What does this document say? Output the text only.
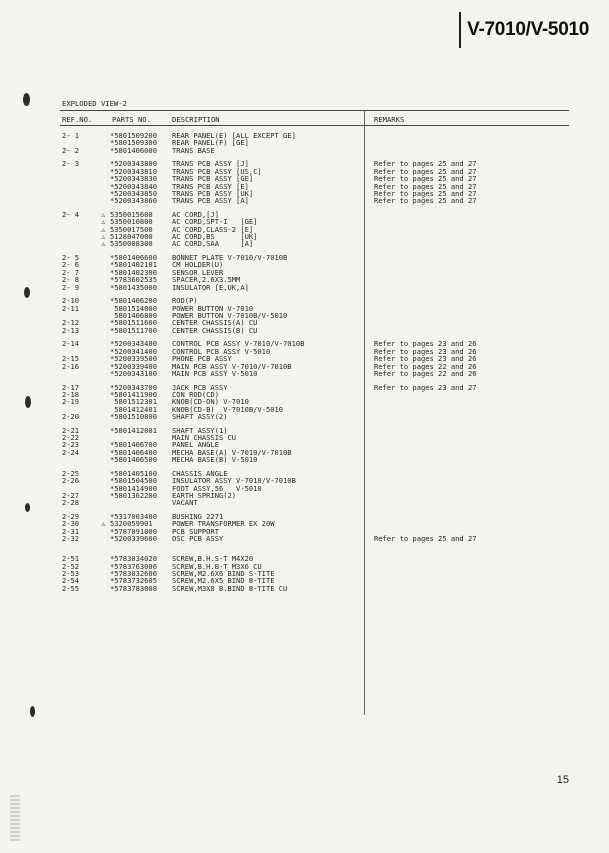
V-7010/V-5010
EXPLODED VIEW-2
REF.NO.	PARTS NO.	DESCRIPTION	REMARKS
2- 1	*5801509200 REAR PANEL(E) [ALL EXCEPT GE]
*5801509300 REAR PANEL(F) [GE]
2- 2	*5801406000 TRANS BASE
2- 3	*5200343800 TRANS PCB ASSY [J]	Refer to pages 25 and 27
*5200343810 TRANS PCB ASSY [US,C]	Refer to pages 25 and 27
*5200343830 TRANS PCB ASSY [GE]	Refer to pages 25 and 27
*5200343840 TRANS PCB ASSY [E]	Refer to pages 25 and 27
*5200343850 TRANS PCB ASSY [UK]	Refer to pages 25 and 27
*5200343860 TRANS PCB ASSY [A]	Refer to pages 25 and 27
2- 4	⚠ 5350015600	AC CORD,[J]
⚠ 5350010800	AC CORD,SPT-I   [GE]
⚠ 5350017500	AC CORD,CLASS-2 [E]
⚠ 5128047000	AC CORD,BS      [UK]
⚠ 5350008300	AC CORD,SAA     [A]
2- 5	*5801406600 BONNET PLATE V-7010/V-7010B
2- 6	*5801402101 CM HOLDER(U)
2- 7	*5801402300 SENSOR LEVER
2- 8	*5783602535 SPACER,2.6X3.5MM
2- 9	*5801435000 INSULATOR [E,UK,A]
2-10	*5801406200 ROD(P)
2-11	5801514000 POWER BUTTON V-7010
5801406800 POWER BUTTON V-7010B/V-5010
2-12	*5801511600 CENTER CHASSIS(A) CU
2-13	*5801511700 CENTER CHASSIS(B) CU
2-14	*5200343400 CONTROL PCB ASSY V-7010/V-7010B	Refer to pages 23 and 26
*5200341400 CONTROL PCB ASSY V-5010	Refer to pages 23 and 26
2-15	*5200339500 PHONE PCB ASSY	Refer to pages 23 and 26
2-16	*5200339400 MAIN PCB ASSY V-7010/V-7010B	Refer to pages 22 and 26
*5200343100 MAIN PCB ASSY V-5010	Refer to pages 22 and 26
2-17	*5200343700 JACK PCB ASSY	Refer to pages 23 and 27
2-18	*5801411900 CON ROD(CD)
2-19	5801512301 KNOB(CD-ON) V-7010
5801412401 KNOB(CD-B)  V-7010B/V-5010
2-20	*5801510800 SHAFT ASSY(2)
2-21	*5801412001 SHAFT ASSY(1)
2-22	MAIN CHASSIS CU
2-23	*5801406700 PANEL ANGLE
2-24	*5801406400 MECHA BASE(A) V-7010/V-7010B
*5801406500 MECHA BASE(B) V-5010
2-25	*5801405100 CHASSIS ANGLE
2-26	*5801504500 INSULATOR ASSY V-7010/V-7010B
*5801414900 FOOT ASSY,56   V-5010
2-27	*5801362200 EARTH SPRING(2)
2-28	VACANT
2-29	*5317003400 BUSHING 2271
2-30	⚠ 5320059901	POWER TRANSFORMER EX 20W
2-31	*5787091000 PCB SUPPORT
2-32	*5200339600 OSC PCB ASSY	Refer to pages 25 and 27
2-51	*5783034020 SCREW,B.H.S-T M4X20
2-52	*5783763006 SCREW,B.H.B-T M3X6 CU
2-53	*5783032606 SCREW,M2.6X6 BIND S-TITE
2-54	*5783732605 SCREW,M2.6X5 BIND B-TITE
2-55	*5783783008 SCREW,M3X8 B.BIND B-TITE CU
15
